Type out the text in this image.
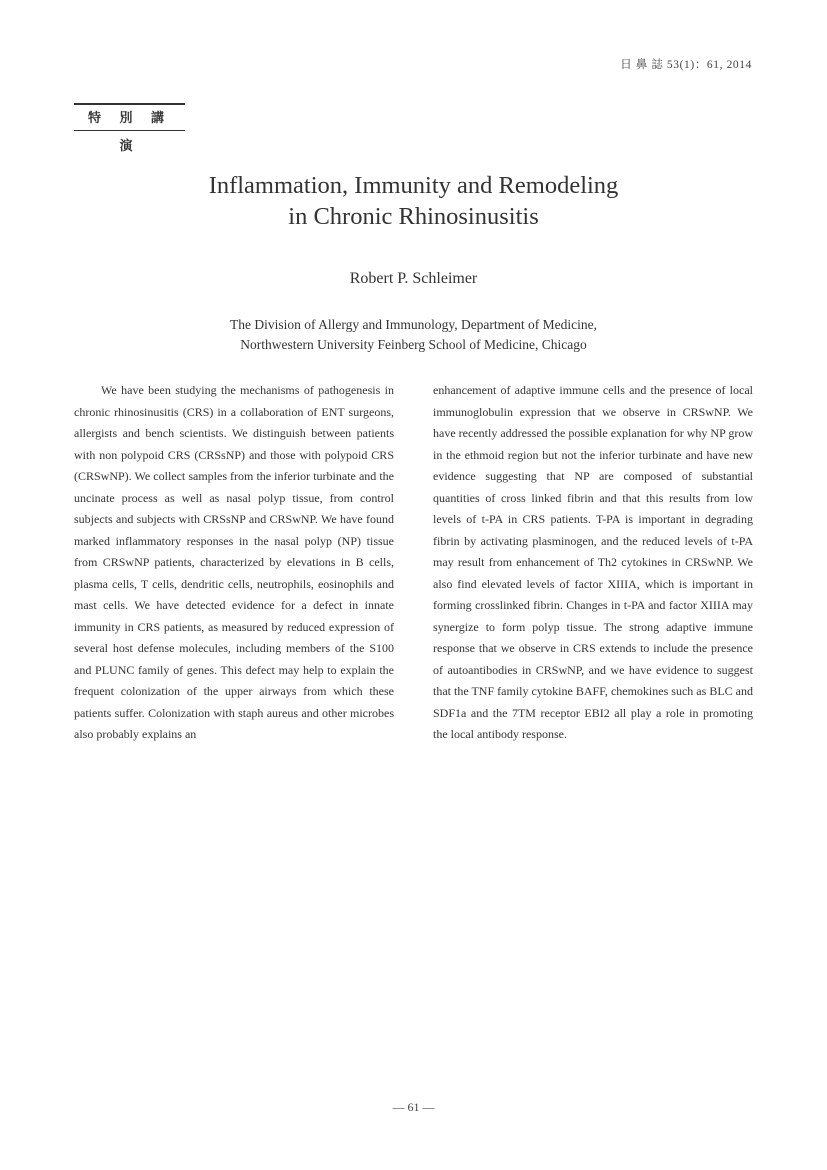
日 鼻 誌 53(1)：61, 2014
特 別 講 演
Inflammation, Immunity and Remodeling
in Chronic Rhinosinusitis
Robert P. Schleimer
The Division of Allergy and Immunology, Department of Medicine,
Northwestern University Feinberg School of Medicine, Chicago

We have been studying the mechanisms of pathogenesis in chronic rhinosinusitis (CRS) in a collaboration of ENT surgeons, allergists and bench scientists. We distinguish between patients with non polypoid CRS (CRSsNP) and those with polypoid CRS (CRSwNP). We collect samples from the inferior turbinate and the uncinate process as well as nasal polyp tissue, from control subjects and subjects with CRSsNP and CRSwNP. We have found marked inflammatory responses in the nasal polyp (NP) tissue from CRSwNP patients, characterized by elevations in B cells, plasma cells, T cells, dendritic cells, neutrophils, eosinophils and mast cells. We have detected evidence for a defect in innate immunity in CRS patients, as measured by reduced expression of several host defense molecules, including members of the S100 and PLUNC family of genes. This defect may help to explain the frequent colonization of the upper airways from which these patients suffer. Colonization with staph aureus and other microbes also probably explains an

enhancement of adaptive immune cells and the presence of local immunoglobulin expression that we observe in CRSwNP. We have recently addressed the possible explanation for why NP grow in the ethmoid region but not the inferior turbinate and have new evidence suggesting that NP are composed of substantial quantities of cross linked fibrin and that this results from low levels of t-PA in CRS patients. T-PA is important in degrading fibrin by activating plasminogen, and the reduced levels of t-PA may result from enhancement of Th2 cytokines in CRSwNP. We also find elevated levels of factor XIIIA, which is important in forming crosslinked fibrin. Changes in t-PA and factor XIIIA may synergize to form polyp tissue. The strong adaptive immune response that we observe in CRS extends to include the presence of autoantibodies in CRSwNP, and we have evidence to suggest that the TNF family cytokine BAFF, chemokines such as BLC and SDF1a and the 7TM receptor EBI2 all play a role in promoting the local antibody response.

― 61 ―
